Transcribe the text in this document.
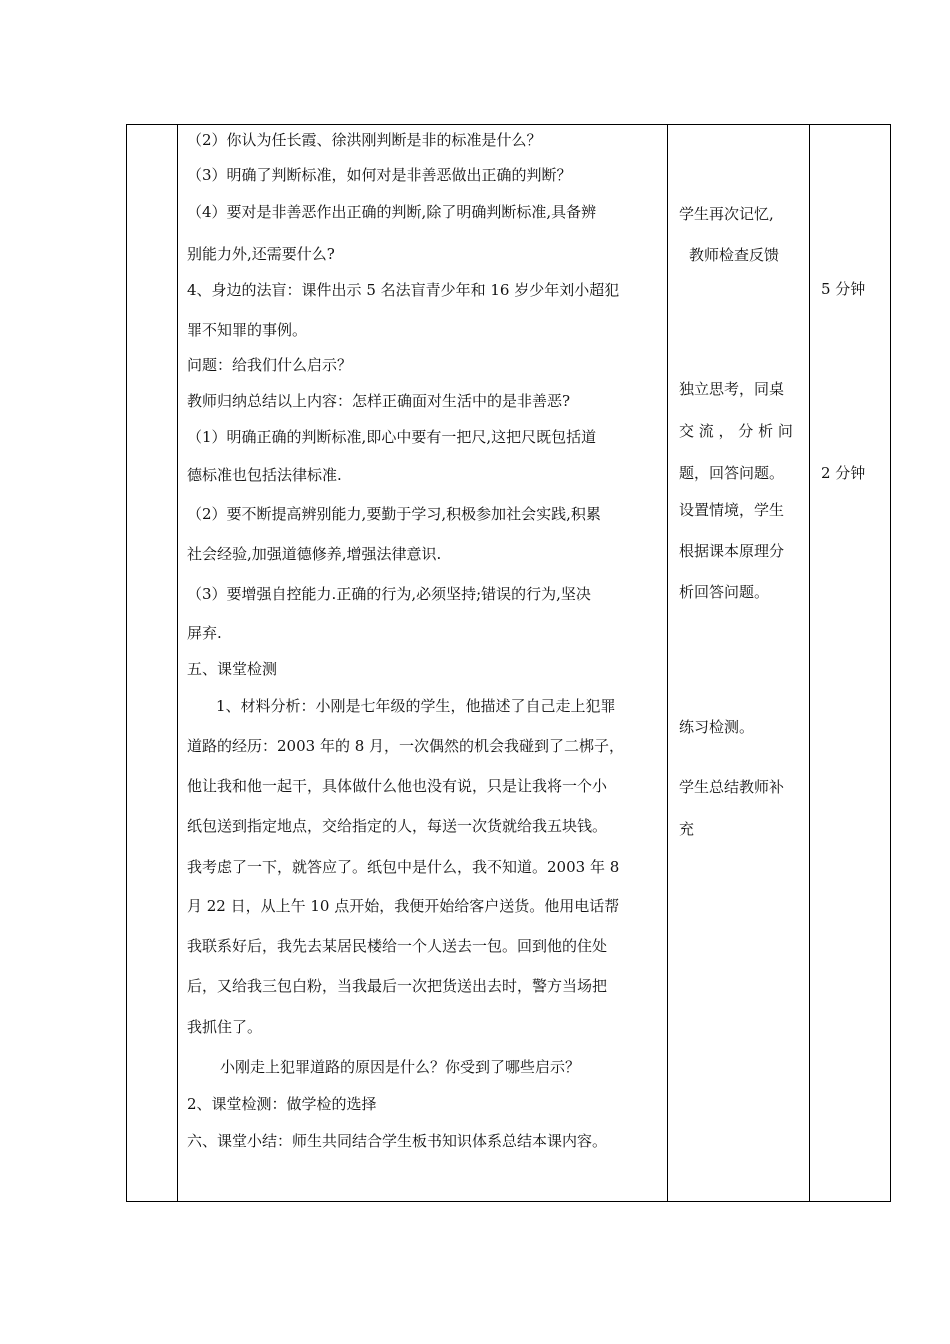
（2）你认为任长霞、徐洪刚判断是非的标准是什么？
（3）明确了判断标准，如何对是非善恶做出正确的判断？
（4）要对是非善恶作出正确的判断,除了明确判断标准,具备辨
别能力外,还需要什么?
4、身边的法盲：课件出示 5 名法盲青少年和 16 岁少年刘小超犯
罪不知罪的事例。
问题：给我们什么启示？
教师归纳总结以上内容：怎样正确面对生活中的是非善恶?
（1）明确正确的判断标准,即心中要有一把尺,这把尺既包括道
德标准也包括法律标准.
（2）要不断提高辨别能力,要勤于学习,积极参加社会实践,积累
社会经验,加强道德修养,增强法律意识.
（3）要增强自控能力.正确的行为,必须坚持;错误的行为,坚决
屏弃.
五、课堂检测
1、材料分析：小刚是七年级的学生，他描述了自己走上犯罪
道路的经历：2003 年的 8 月，一次偶然的机会我碰到了二梆子，
他让我和他一起干，具体做什么他也没有说，只是让我将一个小
纸包送到指定地点，交给指定的人，每送一次货就给我五块钱。
我考虑了一下，就答应了。纸包中是什么，我不知道。2003 年 8
月 22 日，从上午 10 点开始，我便开始给客户送货。他用电话帮
我联系好后，我先去某居民楼给一个人送去一包。回到他的住处
后，又给我三包白粉，当我最后一次把货送出去时，警方当场把
我抓住了。
小刚走上犯罪道路的原因是什么？你受到了哪些启示？
2、课堂检测：做学检的选择
六、课堂小结：师生共同结合学生板书知识体系总结本课内容。
学生再次记忆,
教师检查反馈
独立思考，同桌
交 流 ， 分 析 问
题，回答问题。
设置情境，学生
根据课本原理分
析回答问题。
练习检测。
学生总结教师补
充
5 分钟
2 分钟
